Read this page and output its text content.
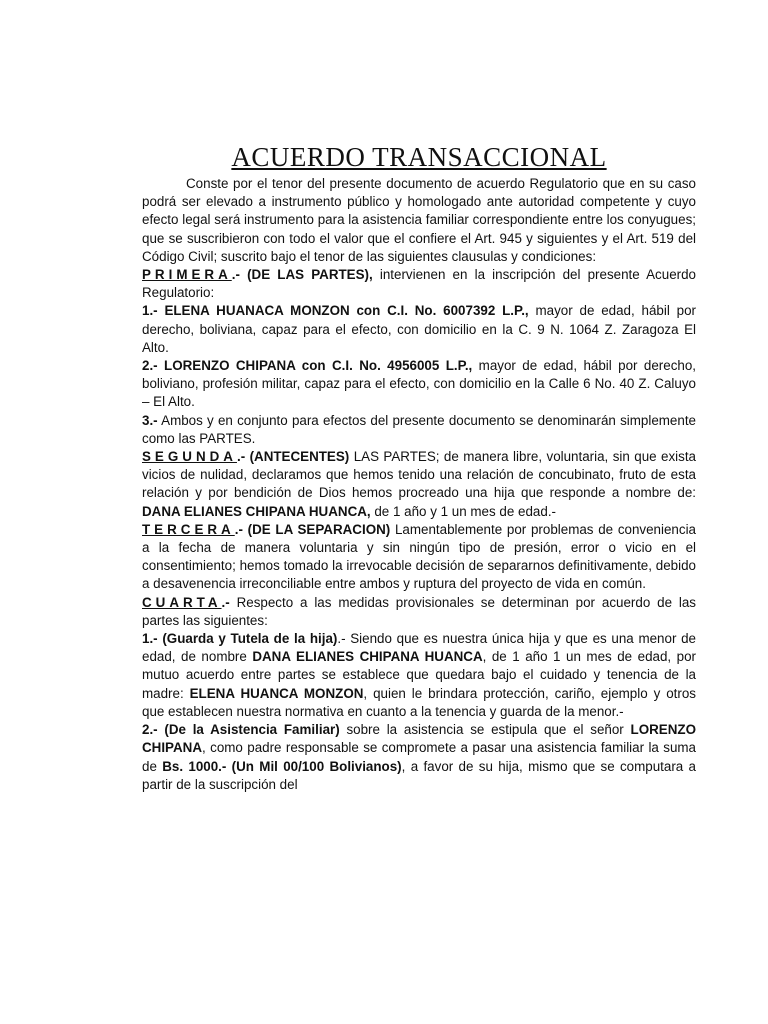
ACUERDO TRANSACCIONAL

Conste por el tenor del presente documento de acuerdo Regulatorio que en su caso podrá ser elevado a instrumento público y homologado ante autoridad competente y cuyo efecto legal será instrumento para la asistencia familiar correspondiente entre los conyugues; que se suscribieron con todo el valor que el confiere el Art. 945 y siguientes y el Art. 519 del Código Civil; suscrito bajo el tenor de las siguientes clausulas y condiciones:

PRIMERA.- (DE LAS PARTES), intervienen en la inscripción del presente Acuerdo Regulatorio:

1.- ELENA HUANACA MONZON con C.I. No. 6007392 L.P., mayor de edad, hábil por derecho, boliviana, capaz para el efecto, con domicilio en la C. 9 N. 1064 Z. Zaragoza El Alto.

2.- LORENZO CHIPANA con C.I. No. 4956005 L.P., mayor de edad, hábil por derecho, boliviano, profesión militar, capaz para el efecto, con domicilio en la Calle 6 No. 40 Z. Caluyo – El Alto.

3.- Ambos y en conjunto para efectos del presente documento se denominarán simplemente como las PARTES.

SEGUNDA.- (ANTECENTES) LAS PARTES; de manera libre, voluntaria, sin que exista vicios de nulidad, declaramos que hemos tenido una relación de concubinato, fruto de esta relación y por bendición de Dios hemos procreado una hija que responde a nombre de: DANA ELIANES CHIPANA HUANCA, de 1 año y 1 un mes de edad.-

TERCERA.- (DE LA SEPARACION) Lamentablemente por problemas de conveniencia a la fecha de manera voluntaria y sin ningún tipo de presión, error o vicio en el consentimiento; hemos tomado la irrevocable decisión de separarnos definitivamente, debido a desavenencia irreconciliable entre ambos y ruptura del proyecto de vida en común.

CUARTA.- Respecto a las medidas provisionales se determinan por acuerdo de las partes las siguientes:

1.- (Guarda y Tutela de la hija).- Siendo que es nuestra única hija y que es una menor de edad, de nombre DANA ELIANES CHIPANA HUANCA, de 1 año 1 un mes de edad, por mutuo acuerdo entre partes se establece que quedara bajo el cuidado y tenencia de la madre: ELENA HUANCA MONZON, quien le brindara protección, cariño, ejemplo y otros que establecen nuestra normativa en cuanto a la tenencia y guarda de la menor.-

2.- (De la Asistencia Familiar) sobre la asistencia se estipula que el señor LORENZO CHIPANA, como padre responsable se compromete a pasar una asistencia familiar la suma de Bs. 1000.- (Un Mil 00/100 Bolivianos), a favor de su hija, mismo que se computara a partir de la suscripción del
